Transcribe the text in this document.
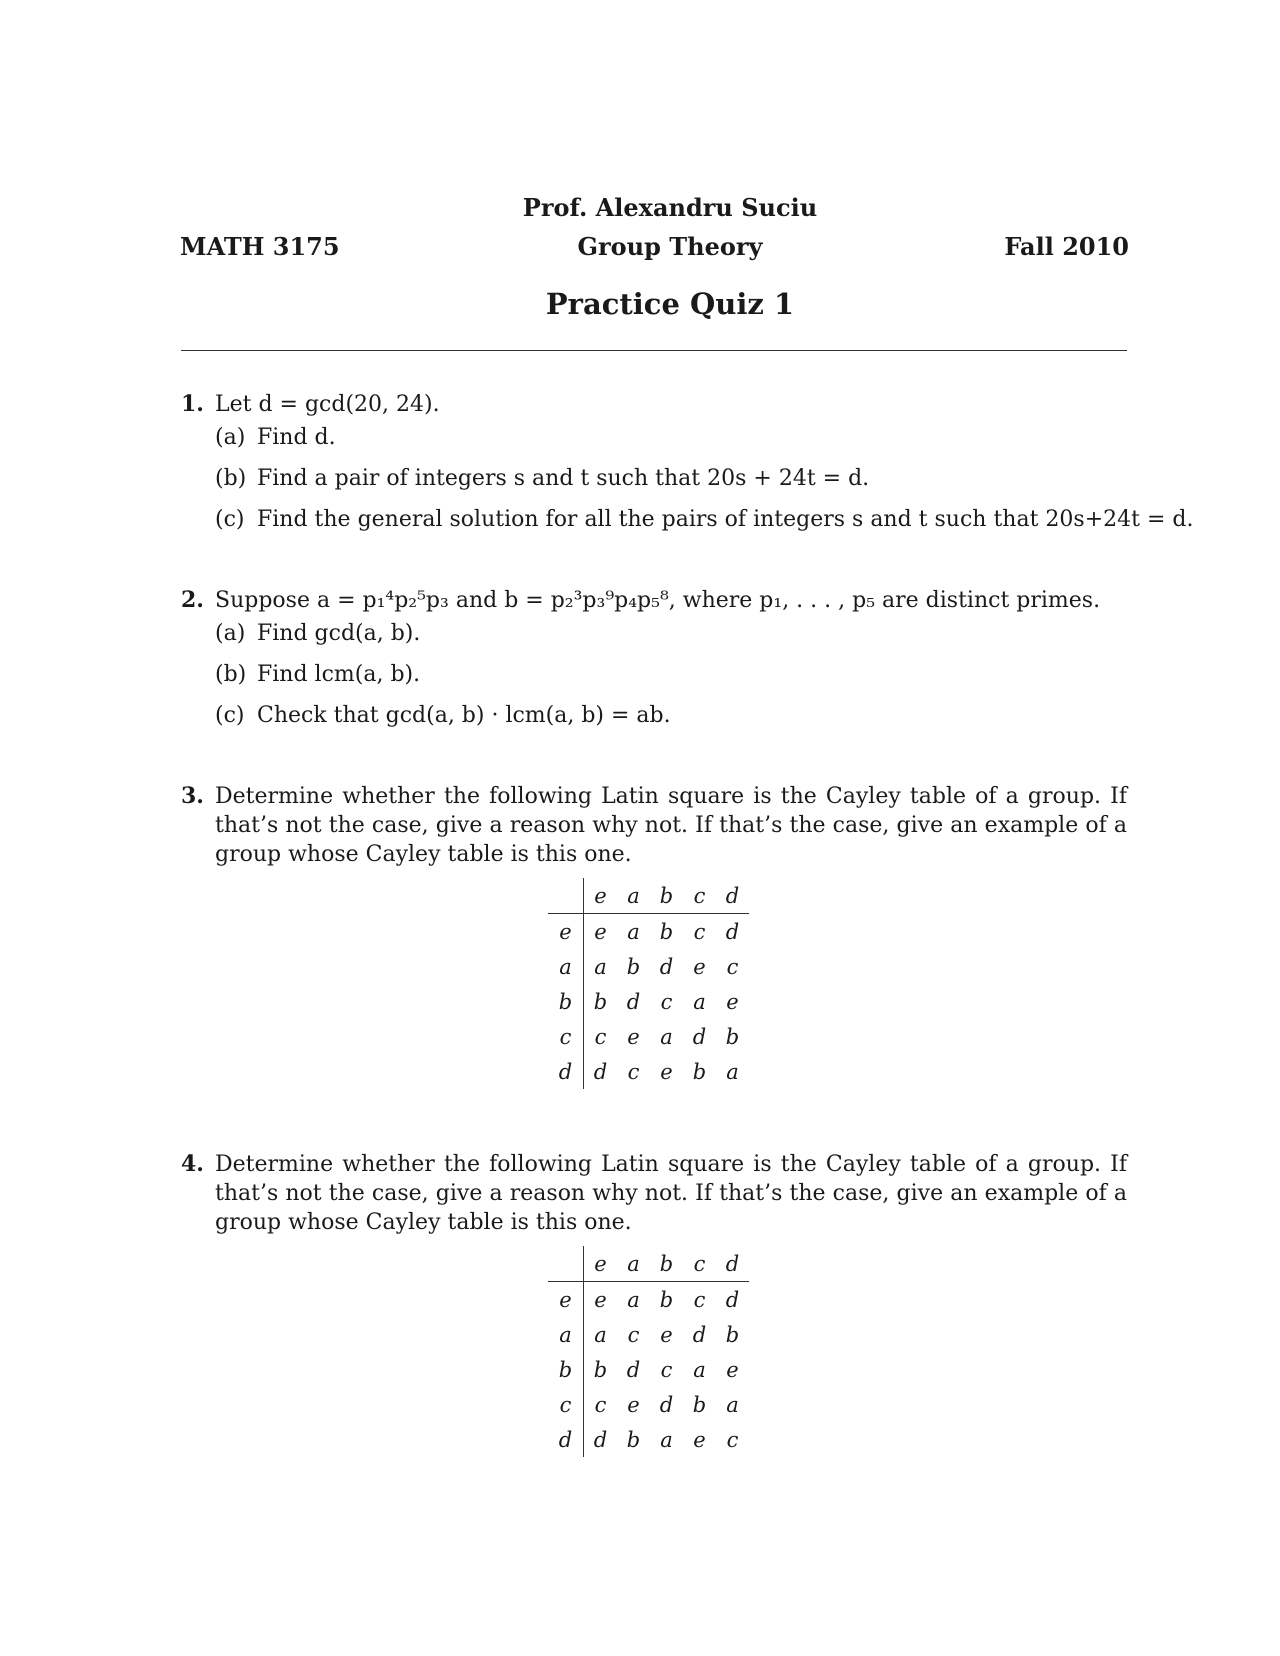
Prof. Alexandru Suciu
MATH 3175	Group Theory	Fall 2010
Practice Quiz 1
1. Let d = gcd(20, 24).
(a) Find d.
(b) Find a pair of integers s and t such that 20s + 24t = d.
(c) Find the general solution for all the pairs of integers s and t such that 20s+24t = d.
2. Suppose a = p₁⁴p₂⁵p₃ and b = p₂³p₃⁹p₄p₅⁸, where p₁, . . . , p₅ are distinct primes.
(a) Find gcd(a, b).
(b) Find lcm(a, b).
(c) Check that gcd(a, b) · lcm(a, b) = ab.
3. Determine whether the following Latin square is the Cayley table of a group. If that’s not the case, give a reason why not. If that’s the case, give an example of a group whose Cayley table is this one.
	e	a	b	c	d
e	e	a	b	c	d
a	a	b	d	e	c
b	b	d	c	a	e
c	c	e	a	d	b
d	d	c	e	b	a
4. Determine whether the following Latin square is the Cayley table of a group. If that’s not the case, give a reason why not. If that’s the case, give an example of a group whose Cayley table is this one.
	e	a	b	c	d
e	e	a	b	c	d
a	a	c	e	d	b
b	b	d	c	a	e
c	c	e	d	b	a
d	d	b	a	e	c
